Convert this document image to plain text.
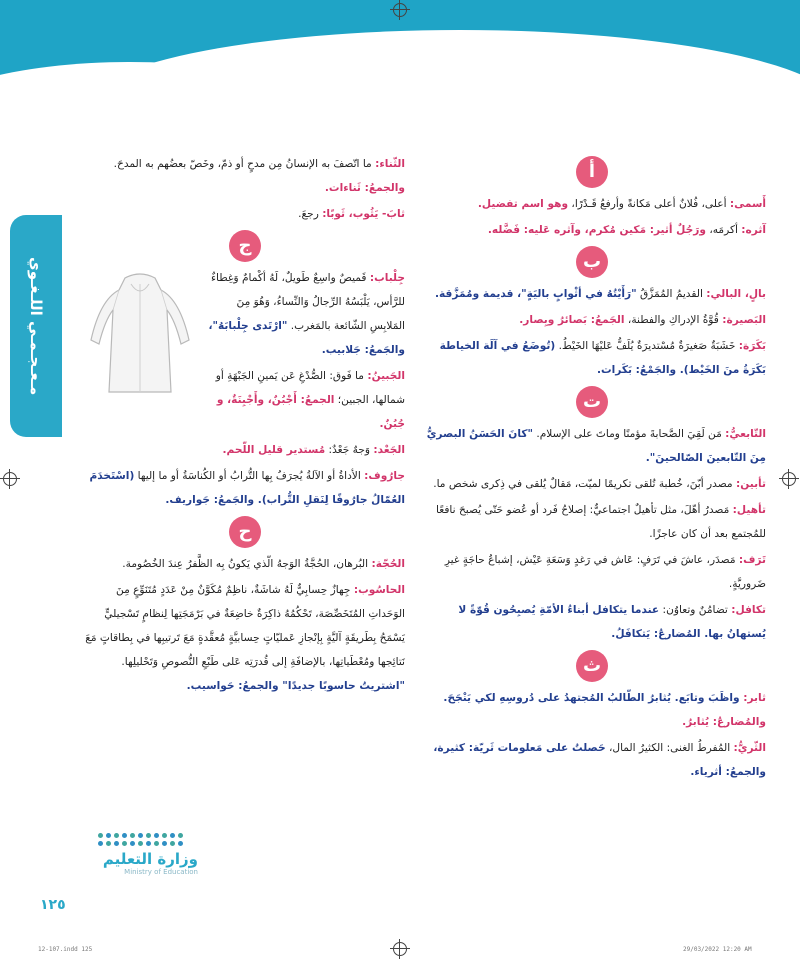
مـعـجـمـي اللـغـوي
أ

أَسمى: أعلى، فُلانٌ أعلى مَكانةً وأرفعُ قَـدْرًا، وهو اسم تفضيل.

آثره: أكرمَه، ورَجُلٌ أثير: مَكين مُكرم، وآثره عَليه: فَضَّله.

ب

بالٍ، البالي: القديمُ المُمَزَّقُ "رَأَيْتُهُ في أثْوابٍ باليَةٍ"، قديمة ومُمَزَّقة.

البَصيرة: قُوَّةُ الإدراكِ والفطنة، الجَمعُ: بَصائرُ وبِصار.

بَكَرَة: خَشَبَةٌ صَغيرَةٌ مُسْتديرَةٌ يُلَفُّ عَليْهَا الخَيْطُ. (تُوضَعُ في آلَة الخياطة بَكَرَةُ منَ الخَيْط). والجَمْعُ: بَكَرات.

ت

التّابعيُّ: مَن لَقِيَ الصَّحابةَ مؤمنًا وماتَ على الإسلام. "كانَ الحَسَنُ البصريُّ مِنَ التّابعينَ الصّالحينَ".

تأبين: مصدر أبّنَ، خُطبة تُلقى تكريمًا لميّت، مَقالٌ يُلقى في ذِكرى شخص ما.

تأهيل: مَصدرُ أهّلَ، مثل تأهيلٌ اجتماعيٌّ: إصلاحُ فَرد أو عُضو حَتّى يُصبحَ نافعًا للمُجتمع بعد أن كان عاجزًا.

تَرَف: مَصدَر، عاشَ في تَرَفٍ: عَاش في رَغدٍ وَسَعَةِ عَيْش، إشباعُ حاجَةٍ غيرِ ضَروريَّةٍ.

تكافل: تضامُنٌ وتعاوُن: عندما يتكافل أبناءُ الأمّةِ يُصبِحُون قُوّةً لا يُستهانُ بها. المُضارعُ: يَتكافَلُ.

ث

ثابر: واظَبَ وتابَع. يُثابرُ الطّالبُ المُجتهدُ على دُروسِهِ لكي يَنْجَحَ. والمُضارعُ: يُثابرُ.

الثّريُّ: المُفرطُ الغنى: الكثيرُ المال، حَصلتُ على مَعلومات ثَريّة: كثيرة، والجمعُ: أثرياء.

الثّناء: ما اتّصفَ به الإنسانُ مِن مدحٍ أو ذمّ، وخَصّ بعضُهم به المدحَ. والجمعُ: ثَناءات.

ثابَ- يَثُوب، ثَوبًا: رجعَ.

ج

جِلْباب: قَميصٌ واسِعٌ طَويلٌ، لَهُ أكْمامٌ وَغِطاءٌ للرَّأس، يَلْبَسُهُ الرِّجالُ وَالنِّساءُ، وَهُوَ مِنَ المَلابِسِ الشّائعة بالمَغرب. "ارْتَدى جِلْبابَهُ"، والجَمعُ: جَلابيب.

الجَبينُ: ما فَوق: الصُّدْغِ عَن يَمينِ الجَبْهَةِ أو شمالها، الجبين؛ الجمعُ: أَجْبُنٌ، وأَجْبِنَةٌ، و جُبُنٌ.

الجَعْد: وَجهٌ جَعْدٌ: مُستدير قليل اللّحم.

جارُوف: الأداةُ أو الآلةُ يُجرَفُ بِها التُّرابُ أو الكُناسَةُ أو ما إليها (اسْتَخدَمَ العُمّالُ جارُوفًا لِنَقلِ التُّراب). والجَمعُ: جَواريف.

ح

الحُجّة: البُرهان، الحُجَّةُ الوَجهُ الّذي يَكونُ بِه الظَّفرُ عِندَ الخُصُومة.

الحاسُوب: جِهازٌ حِسابِيٌّ لَهُ شاشَةٌ، ناظِمٌ مُكَوَّنٌ مِنْ عَدَدٍ مُتَنَوِّعٍ مِنَ الوَحَداتِ المُتَخَصِّصَة، تَحْكُمُهُ ذاكِرَةٌ خاضِعَةٌ في بَرْمَجَتِها لِنظامٍ تَسْجيليٍّ يَسْمَحُ بِطَريقَةٍ آليَّةٍ بِإنْجازِ عَمليّاتٍ حِسابيَّةٍ مُعقَّدةٍ مَعَ تَرتيبِها في بِطاقاتٍ مَعَ نَتائِجها ومُعْطَياتِها، بالإضافَةِ إلى قُدرَتِه عَلى طَبْعِ النُّصوصِ وَتَحْليلِها. "اشتريتُ حاسوبًا جديدًا" والجمعُ: حَواسيب.

وزارة التعليم
Ministry of Education
١٢٥
12-107.indd 125	29/03/2022 12:20 AM
